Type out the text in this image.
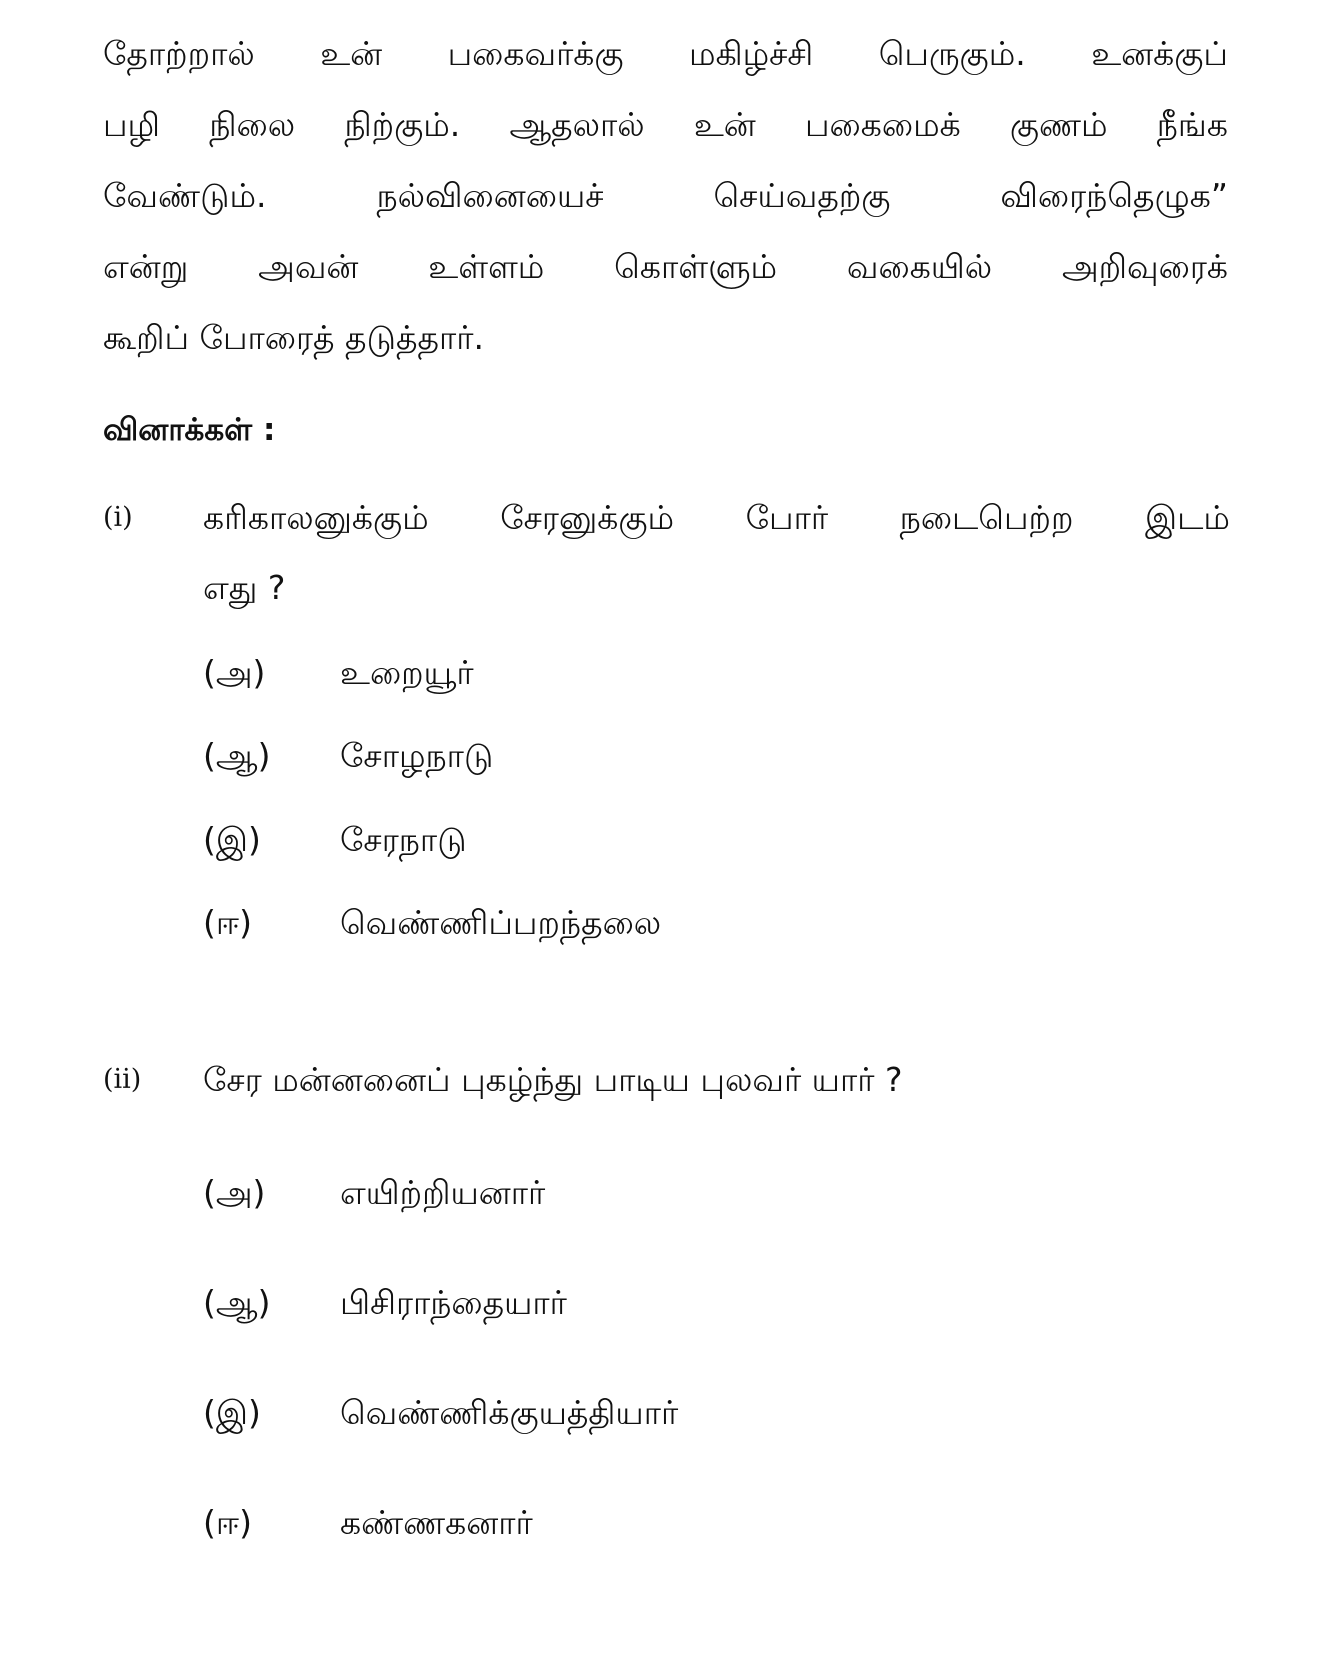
தோற்றால் உன் பகைவர்க்கு மகிழ்ச்சி பெருகும். உனக்குப்
பழி நிலை நிற்கும். ஆதலால் உன் பகைமைக் குணம் நீங்க
வேண்டும்.	நல்வினையைச்	செய்வதற்கு	விரைந்தெழுக”
என்று அவன் உள்ளம் கொள்ளும் வகையில் அறிவுரைக்
கூறிப் போரைத் தடுத்தார்.
வினாக்கள் :
(i) கரிகாலனுக்கும் சேரனுக்கும் போர் நடைபெற்ற இடம்
எது ?
(அ) உறையூர்
(ஆ) சோழநாடு
(இ) சேரநாடு
(ஈ)	வெண்ணிப்பறந்தலை
(ii) சேர மன்னனைப் புகழ்ந்து பாடிய புலவர் யார் ?
(அ) எயிற்றியனார்
(ஆ) பிசிராந்தையார்
(இ) வெண்ணிக்குயத்தியார்
(ஈ)	கண்ணகனார்
